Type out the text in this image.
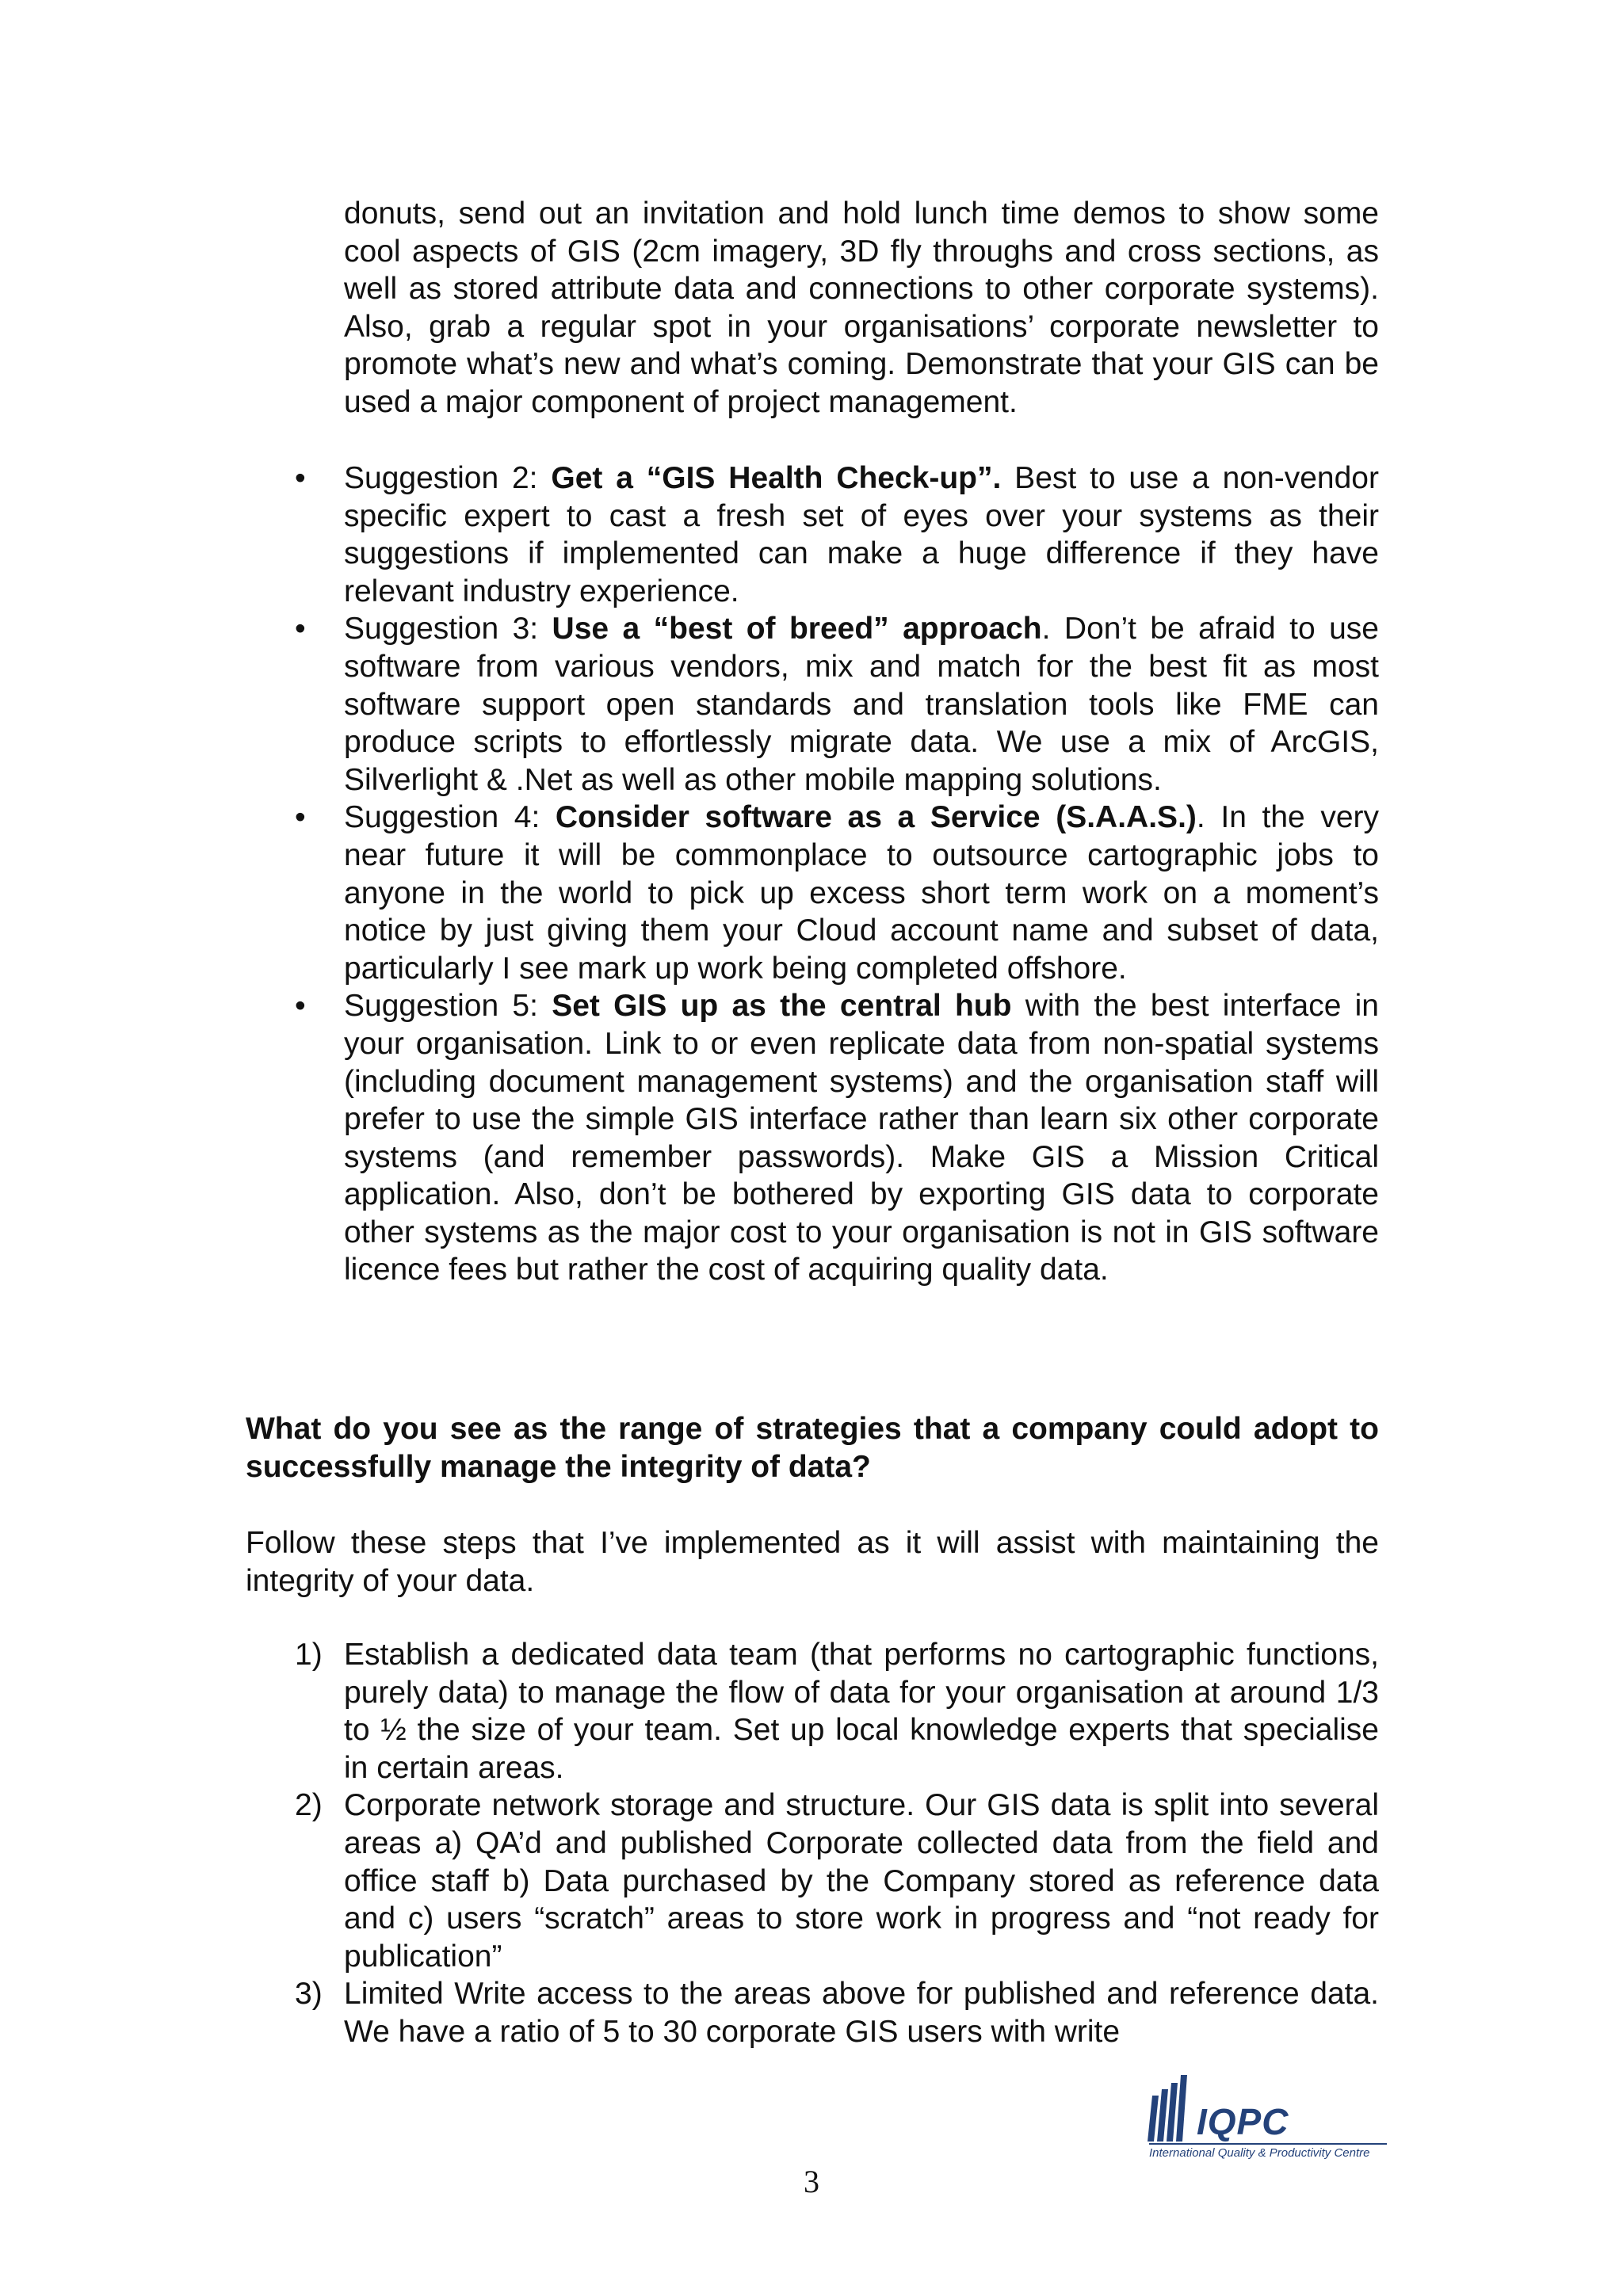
donuts, send out an invitation and hold lunch time demos to show some cool aspects of GIS (2cm imagery, 3D fly throughs and cross sections, as well as stored attribute data and connections to other corporate systems). Also, grab a regular spot in your organisations’ corporate newsletter to promote what’s new and what’s coming. Demonstrate that your GIS can be used a major component of project management.
•	Suggestion 2: Get a “GIS Health Check-up”. Best to use a non-vendor specific expert to cast a fresh set of eyes over your systems as their suggestions if implemented can make a huge difference if they have relevant industry experience.
•	Suggestion 3: Use a “best of breed” approach. Don’t be afraid to use software from various vendors, mix and match for the best fit as most software support open standards and translation tools like FME can produce scripts to effortlessly migrate data. We use a mix of ArcGIS, Silverlight & .Net as well as other mobile mapping solutions.
•	Suggestion 4: Consider software as a Service (S.A.A.S.). In the very near future it will be commonplace to outsource cartographic jobs to anyone in the world to pick up excess short term work on a moment’s notice by just giving them your Cloud account name and subset of data, particularly I see mark up work being completed offshore.
•	Suggestion 5: Set GIS up as the central hub with the best interface in your organisation. Link to or even replicate data from non-spatial systems (including document management systems) and the organisation staff will prefer to use the simple GIS interface rather than learn six other corporate systems (and remember passwords). Make GIS a Mission Critical application. Also, don’t be bothered by exporting GIS data to corporate other systems as the major cost to your organisation is not in GIS software licence fees but rather the cost of acquiring quality data.
What do you see as the range of strategies that a company could adopt to successfully manage the integrity of data?
Follow these steps that I’ve implemented as it will assist with maintaining the integrity of your data.
1) Establish a dedicated data team (that performs no cartographic functions, purely data) to manage the flow of data for your organisation at around 1/3 to ½ the size of your team. Set up local knowledge experts that specialise in certain areas.
2) Corporate network storage and structure. Our GIS data is split into several areas a) QA’d and published Corporate collected data from the field and office staff b) Data purchased by the Company stored as reference data and c) users “scratch” areas to store work in progress and “not ready for publication”
3) Limited Write access to the areas above for published and reference data. We have a ratio of 5 to 30 corporate GIS users with write
IQPC
International Quality & Productivity Centre
3
